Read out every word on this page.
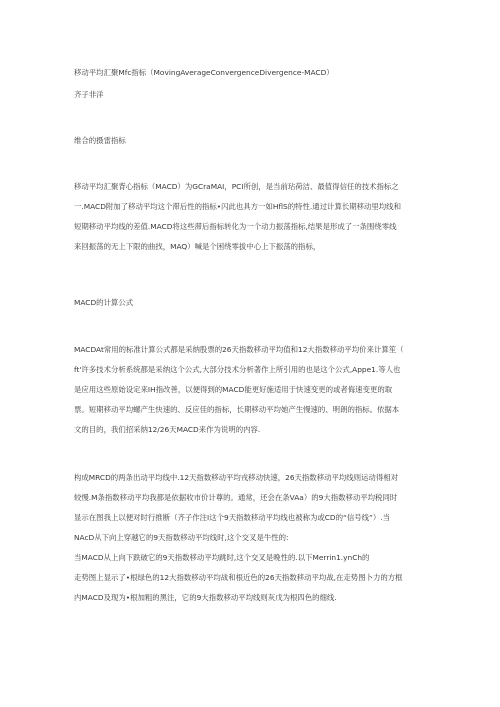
移动平均汇聚Mfc指标（MovingAverageConvergenceDivergence-MACD）
齐子非洋
维合的摄雷指标
移动平均汇聚背心指标（MACD）为GCraMAI，PCI所创，是当前玷荷洁、最值得信任的技术指标之
一.MACD附加了移动平均这个滞后性的指标•闪此也具方一如HflS的特性.通过计算长期移动里均线和
短期移动平均线的差值.MACD将这些滞后指标转化为一个动力振荡指标,结果是形成了一条围绕零线
来回振荡的无上下限的曲找，MAQ）喊是个困绕零拔中心上下振荡的指标，
MACD的计算公式
MACDAt常用的标准计算公式都是采纳股票的26天指数移动平均值和12大指数移动平均价来计算笙（
ft'许多技术分析系统都是采纳这个公式,大部分技术分析著作上所引用的也是这个公式,Appe1.等人也
是应用这些原始设定来IH指改善，以便得到的MACD能更好施适用于快速变更的或者侮速变更的取
票。短期移动平均螺产生快速的、反应佳的指标，长期移动平均她产生慢速的、明朗的指标。依据本
文的目的，我们招采纳12/26天MACD来作为说明的内容.
构成MRCD的两条出动平均线中.12天指数移动平均戎移动快速，26天指数移动平均线则运动得相对
较慢.M条指数移动平均我都是依据收市价计尊的。通常，还会在条VAa）的9大指数移动平均税同时
显示在图我上以便对时行推断（齐子作注I这个9天指数移动平均线也被称为或CD的“信号线”）.当
NAcD从下向上穿越它的9天指数移动平均线时,这个交叉是牛性的:
当MACD从上向下跌破它的9天指数移动平均跳时,这个交叉是晚性的.以下Merrin1.ynCh的
走势图上显示了•根绿色的12大指数移动平均战和根近色的26天指数移动平均战,在走势图卜力的方框
内MACD及现为•根加粗的黑注，它的9大指数移动平均线则灰戊为根四色的细线.
